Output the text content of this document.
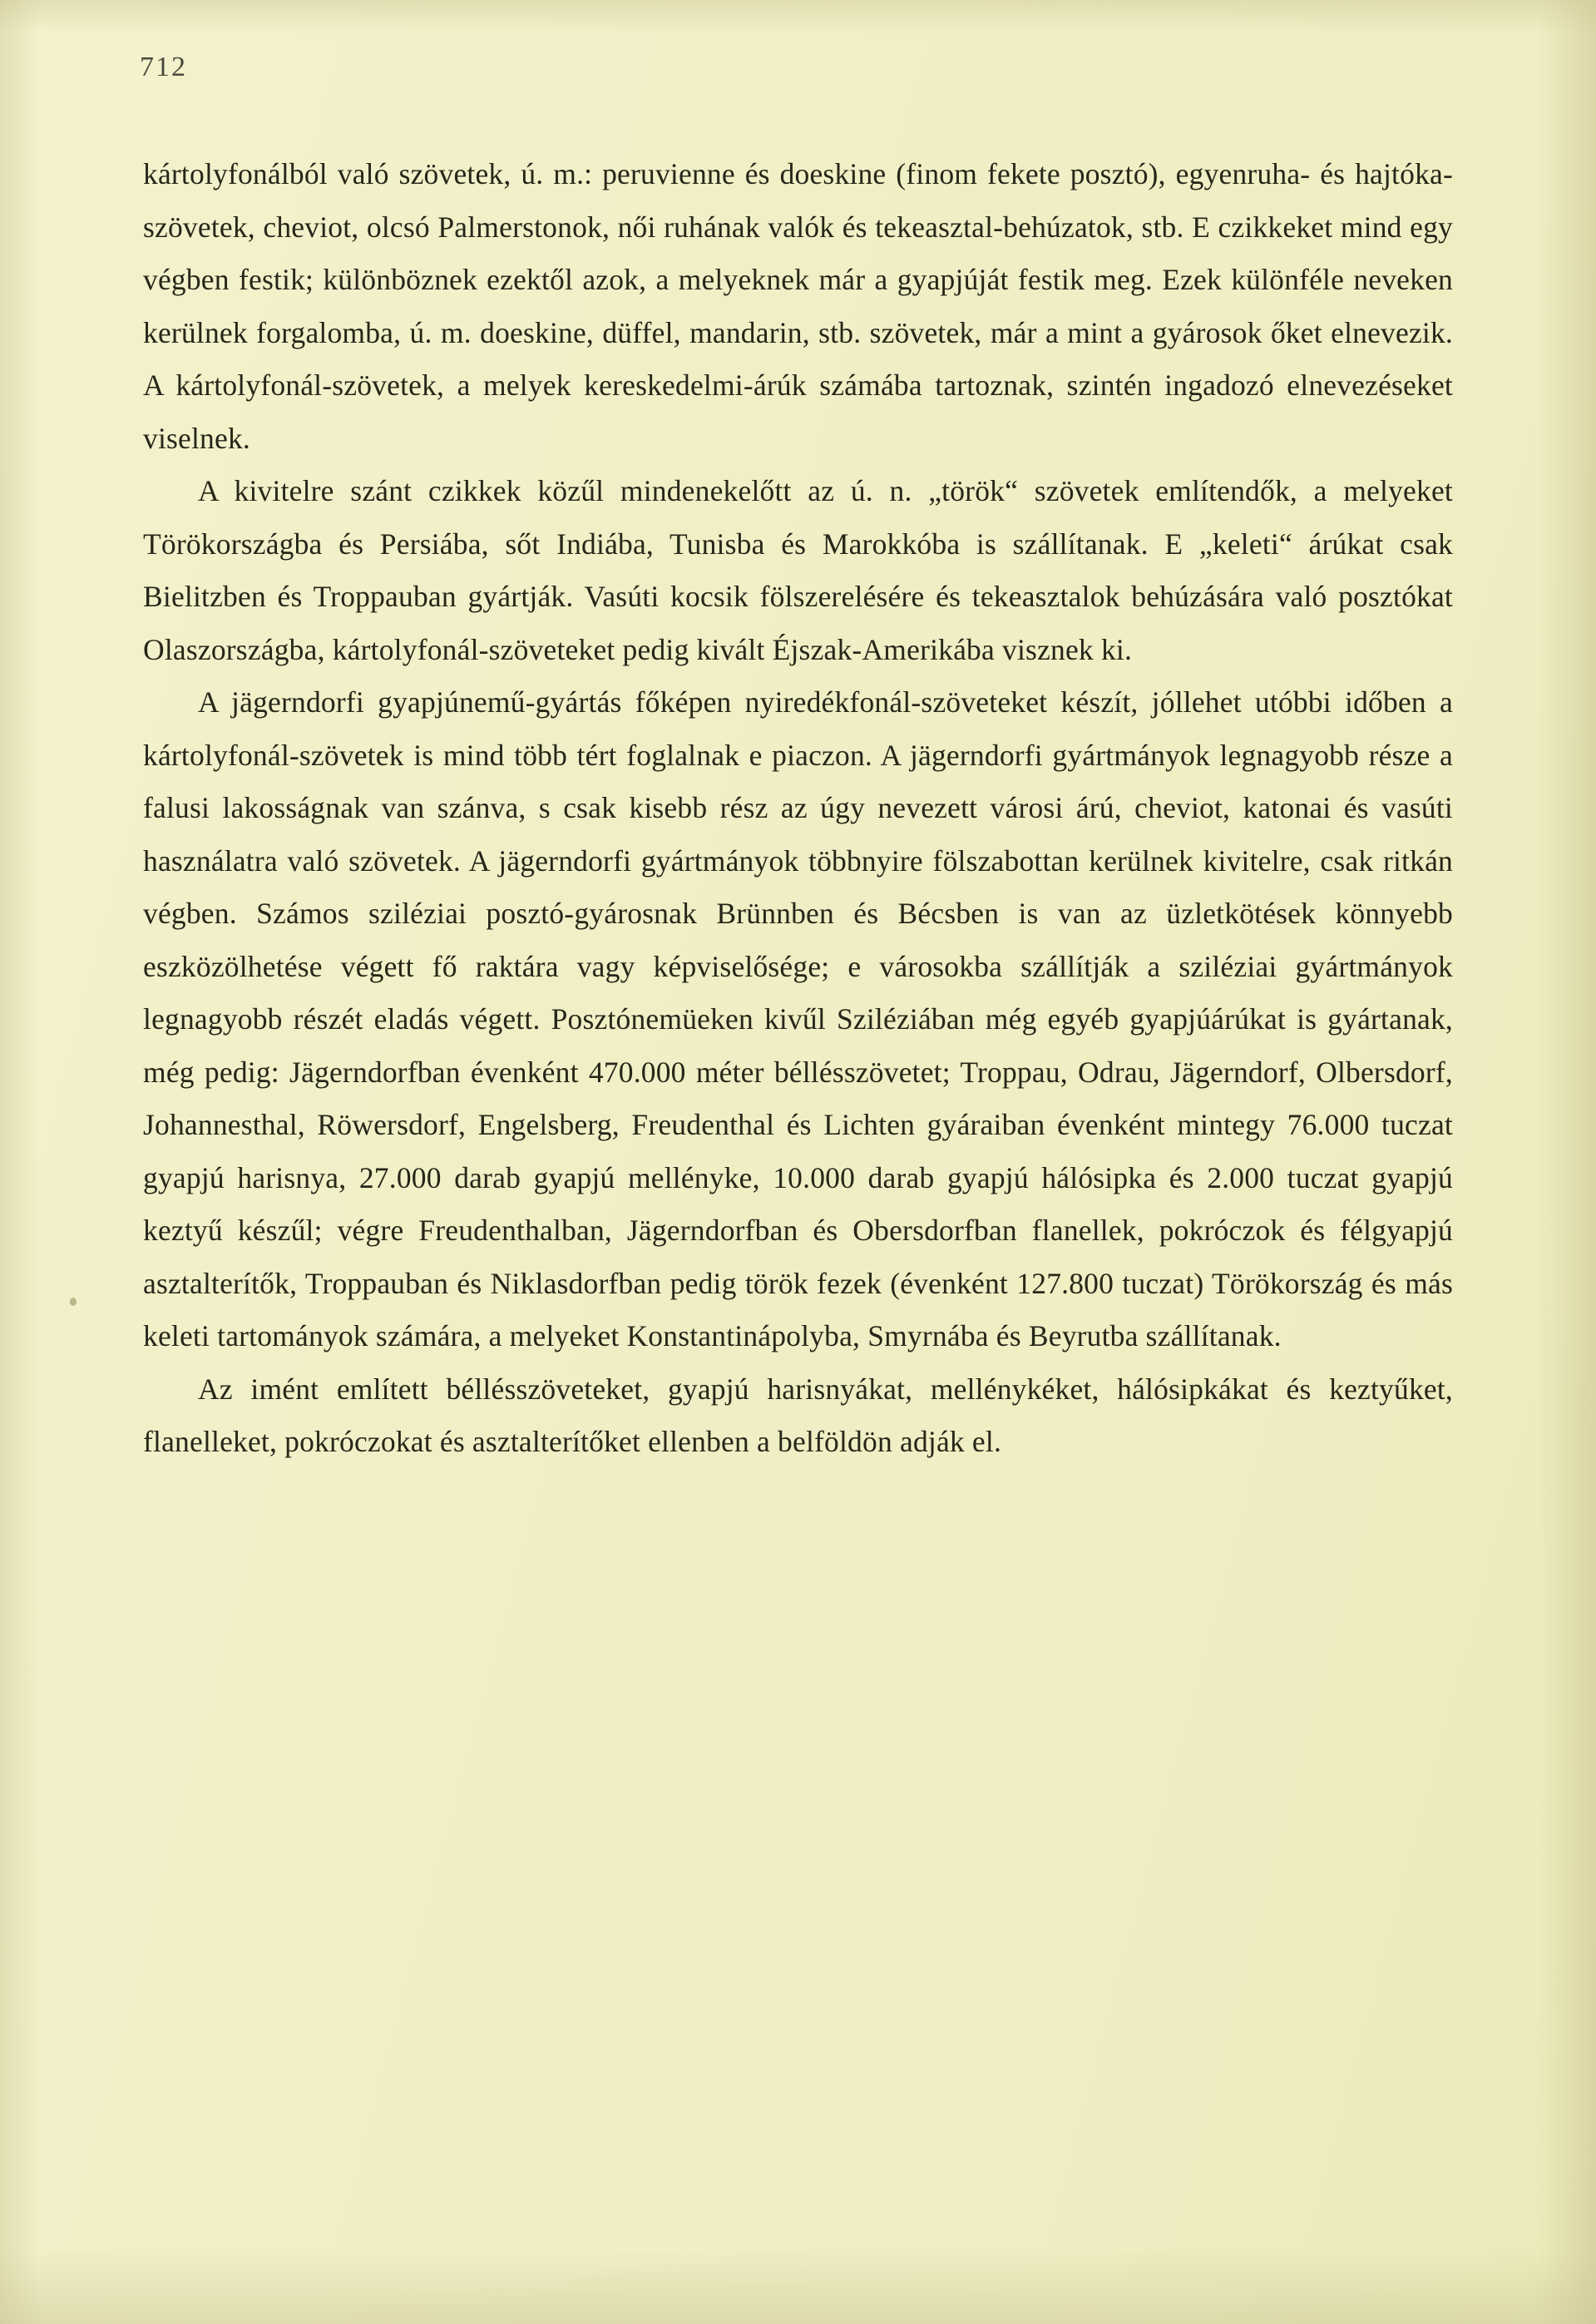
712

kártolyfonálból való szövetek, ú. m.: peruvienne és doeskine (finom fekete posztó), egyenruha- és hajtóka-szövetek, cheviot, olcsó Palmerstonok, női ruhának valók és tekeasztal-behúzatok, stb. E czikkeket mind egy végben festik; különböznek ezektől azok, a melyeknek már a gyapjúját festik meg. Ezek különféle neveken kerülnek forgalomba, ú. m. doeskine, düffel, mandarin, stb. szövetek, már a mint a gyárosok őket elnevezik. A kártolyfonál-szövetek, a melyek kereskedelmi-árúk számába tartoznak, szintén ingadozó elnevezéseket viselnek.

A kivitelre szánt czikkek közűl mindenekelőtt az ú. n. „török“ szövetek említendők, a melyeket Törökországba és Persiába, sőt Indiába, Tunisba és Marokkóba is szállítanak. E „keleti“ árúkat csak Bielitzben és Troppauban gyártják. Vasúti kocsik fölszerelésére és tekeasztalok behúzására való posztókat Olaszországba, kártolyfonál-szöveteket pedig kivált Éjszak-Amerikába visznek ki.

A jägerndorfi gyapjúnemű-gyártás főképen nyiredékfonál-szöveteket készít, jóllehet utóbbi időben a kártolyfonál-szövetek is mind több tért foglalnak e piaczon. A jägerndorfi gyártmányok legnagyobb része a falusi lakosságnak van szánva, s csak kisebb rész az úgy nevezett városi árú, cheviot, katonai és vasúti használatra való szövetek. A jägerndorfi gyártmányok többnyire fölszabottan kerülnek kivitelre, csak ritkán végben. Számos sziléziai posztó-gyárosnak Brünnben és Bécsben is van az üzletkötések könnyebb eszközölhetése végett fő raktára vagy képviselősége; e városokba szállítják a sziléziai gyártmányok legnagyobb részét eladás végett. Posztónemüeken kivűl Sziléziában még egyéb gyapjúárúkat is gyártanak, még pedig: Jägerndorfban évenként 470.000 méter béllésszövetet; Troppau, Odrau, Jägerndorf, Olbersdorf, Johannesthal, Röwersdorf, Engelsberg, Freudenthal és Lichten gyáraiban évenként mintegy 76.000 tuczat gyapjú harisnya, 27.000 darab gyapjú mellényke, 10.000 darab gyapjú hálósipka és 2.000 tuczat gyapjú keztyű készűl; végre Freudenthalban, Jägerndorfban és Obersdorfban flanellek, pokróczok és félgyapjú asztalterítők, Troppauban és Niklasdorfban pedig török fezek (évenként 127.800 tuczat) Törökország és más keleti tartományok számára, a melyeket Konstantinápolyba, Smyrnába és Beyrutba szállítanak.

Az imént említett béllésszöveteket, gyapjú harisnyákat, mellénykéket, hálósipkákat és keztyűket, flanelleket, pokróczokat és asztalterítőket ellenben a belföldön adják el.
